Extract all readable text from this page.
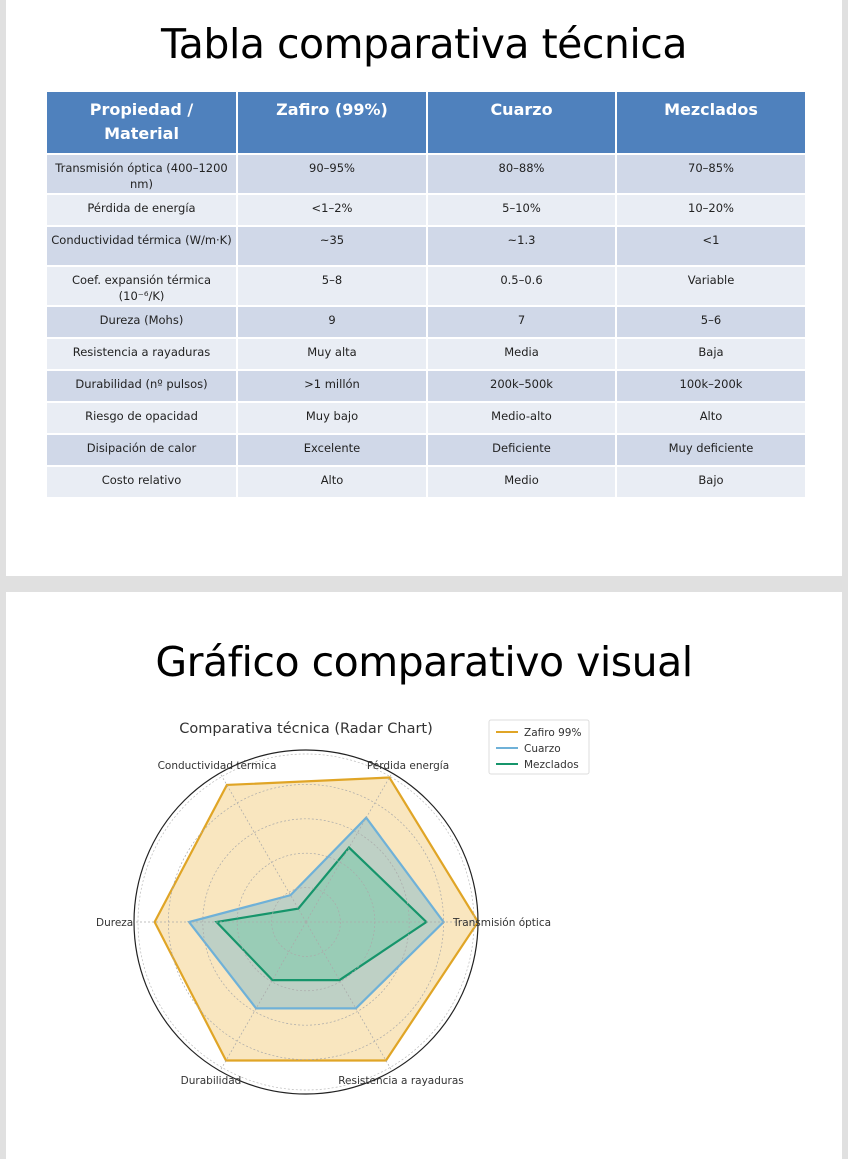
Tabla comparativa técnica
Propiedad / Material	Zafiro (99%)	Cuarzo	Mezclados
Transmisión óptica (400–1200 nm)	90–95%	80–88%	70–85%
Pérdida de energía	<1–2%	5–10%	10–20%
Conductividad térmica (W/m·K)	~35	~1.3	<1
Coef. expansión térmica (10⁻⁶/K)	5–8	0.5–0.6	Variable
Dureza (Mohs)	9	7	5–6
Resistencia a rayaduras	Muy alta	Media	Baja
Durabilidad (nº pulsos)	>1 millón	200k–500k	100k–200k
Riesgo de opacidad	Muy bajo	Medio-alto	Alto
Disipación de calor	Excelente	Deficiente	Muy deficiente
Costo relativo	Alto	Medio	Bajo
Gráfico comparativo visual
Comparativa técnica (Radar Chart)
Transmisión óptica
Pérdida energía
Conductividad térmica
Dureza
Durabilidad	Resistencia a rayaduras
Zafiro 99%
Cuarzo
Mezclados
